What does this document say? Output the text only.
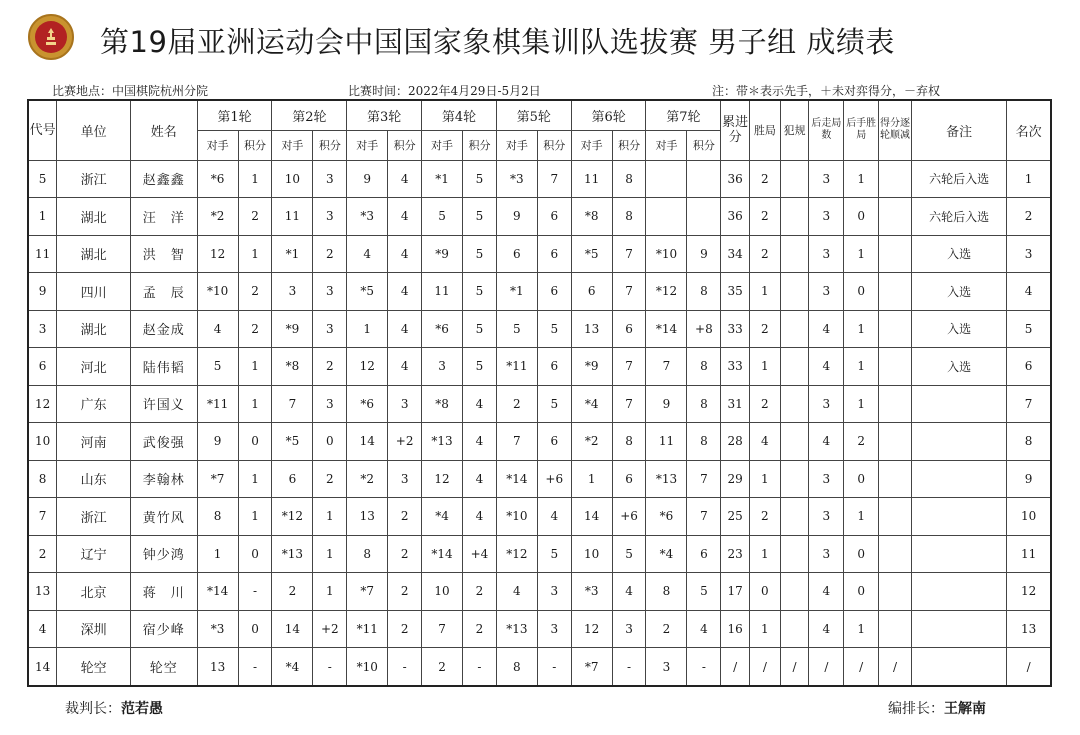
第19届亚洲运动会中国国家象棋集训队选拔赛 男子组 成绩表
比赛地点：中国棋院杭州分院	比赛时间：2022年4月29日-5月2日	注：带＊表示先手，＋未对弈得分，－弃权
代号	单位	姓名	第1轮		第2轮		第3轮		第4轮		第5轮		第6轮		第7轮		累进分	胜局	犯规	后走局数	后手胜局	得分逐轮顺减	备注	名次
			对手	积分	对手	积分	对手	积分	对手	积分	对手	积分	对手	积分	对手	积分								
5	浙江	赵鑫鑫	*6	1	10	3	9	4	*1	5	*3	7	11	8			36	2		3	1		六轮后入选	1
1	湖北	汪　洋	*2	2	11	3	*3	4	5	5	9	6	*8	8			36	2		3	0		六轮后入选	2
11	湖北	洪　智	12	1	*1	2	4	4	*9	5	6	6	*5	7	*10	9	34	2		3	1		入选	3
9	四川	孟　辰	*10	2	3	3	*5	4	11	5	*1	6	6	7	*12	8	35	1		3	0		入选	4
3	湖北	赵金成	4	2	*9	3	1	4	*6	5	5	5	13	6	*14	+8	33	2		4	1		入选	5
6	河北	陆伟韬	5	1	*8	2	12	4	3	5	*11	6	*9	7	7	8	33	1		4	1		入选	6
12	广东	许国义	*11	1	7	3	*6	3	*8	4	2	5	*4	7	9	8	31	2		3	1			7
10	河南	武俊强	9	0	*5	0	14	+2	*13	4	7	6	*2	8	11	8	28	4		4	2			8
8	山东	李翰林	*7	1	6	2	*2	3	12	4	*14	+6	1	6	*13	7	29	1		3	0			9
7	浙江	黄竹风	8	1	*12	1	13	2	*4	4	*10	4	14	+6	*6	7	25	2		3	1			10
2	辽宁	钟少鸿	1	0	*13	1	8	2	*14	+4	*12	5	10	5	*4	6	23	1		3	0			11
13	北京	蒋　川	*14	-	2	1	*7	2	10	2	4	3	*3	4	8	5	17	0		4	0			12
4	深圳	宿少峰	*3	0	14	+2	*11	2	7	2	*13	3	12	3	2	4	16	1		4	1			13
14	轮空	轮空	13	-	*4	-	*10	-	2	-	8	-	*7	-	3	-	/	/	/	/	/	/		/
裁判长：范若愚	编排长：王解南
